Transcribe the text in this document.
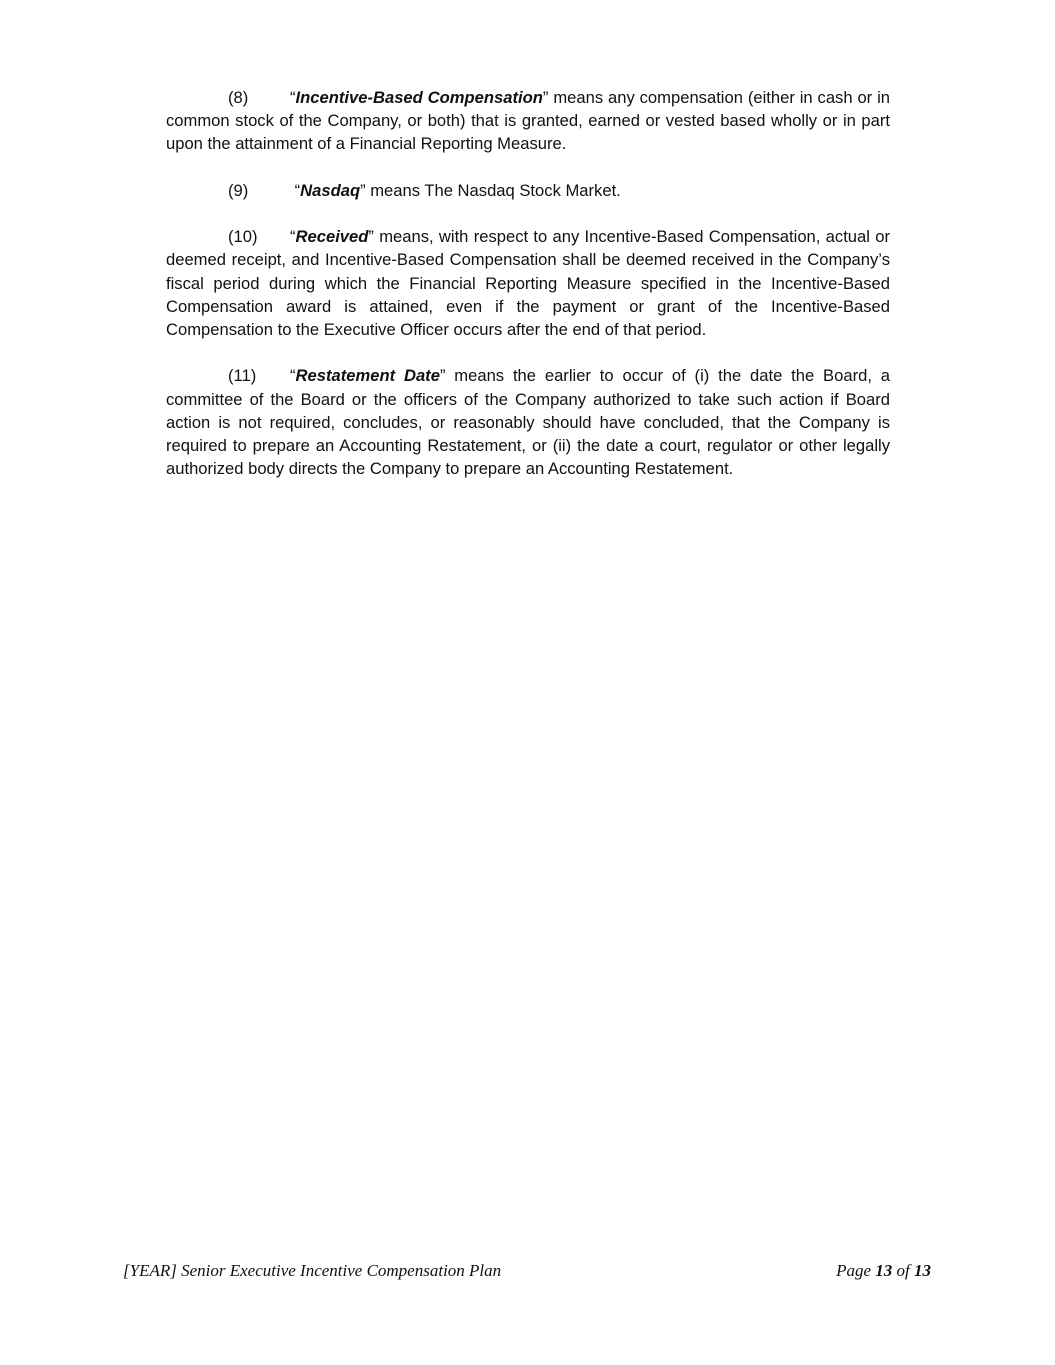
(8)	“Incentive-Based Compensation” means any compensation (either in cash or in common stock of the Company, or both) that is granted, earned or vested based wholly or in part upon the attainment of a Financial Reporting Measure.

(9)	“Nasdaq” means The Nasdaq Stock Market.

(10) “Received” means, with respect to any Incentive-Based Compensation, actual or deemed receipt, and Incentive-Based Compensation shall be deemed received in the Company’s fiscal period during which the Financial Reporting Measure specified in the Incentive-Based Compensation award is attained, even if the payment or grant of the Incentive-Based Compensation to the Executive Officer occurs after the end of that period.

(11) “Restatement Date” means the earlier to occur of (i) the date the Board, a committee of the Board or the officers of the Company authorized to take such action if Board action is not required, concludes, or reasonably should have concluded, that the Company is required to prepare an Accounting Restatement, or (ii) the date a court, regulator or other legally authorized body directs the Company to prepare an Accounting Restatement.

[YEAR] Senior Executive Incentive Compensation Plan	Page 13 of 13
